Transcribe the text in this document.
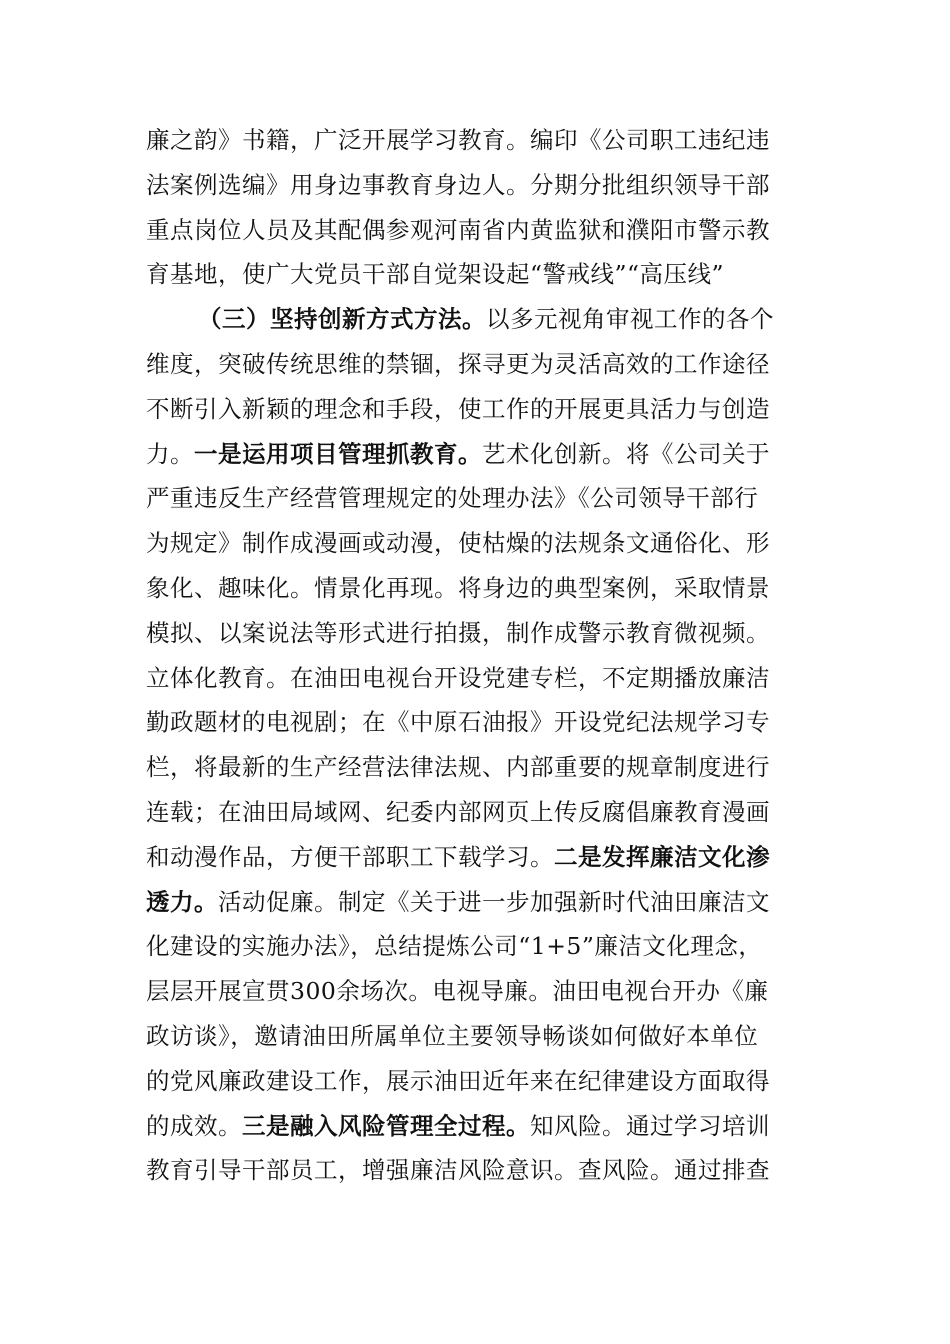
廉之韵》书籍，广泛开展学习教育。编印《公司职工违纪违
法案例选编》用身边事教育身边人。分期分批组织领导干部
重点岗位人员及其配偶参观河南省内黄监狱和濮阳市警示教
育基地，使广大党员干部自觉架设起“警戒线”“高压线”
（三）坚持创新方式方法。以多元视角审视工作的各个
维度，突破传统思维的禁锢，探寻更为灵活高效的工作途径
不断引入新颖的理念和手段，使工作的开展更具活力与创造
力。一是运用项目管理抓教育。艺术化创新。将《公司关于
严重违反生产经营管理规定的处理办法》《公司领导干部行
为规定》制作成漫画或动漫，使枯燥的法规条文通俗化、形
象化、趣味化。情景化再现。将身边的典型案例，采取情景
模拟、以案说法等形式进行拍摄，制作成警示教育微视频。
立体化教育。在油田电视台开设党建专栏，不定期播放廉洁
勤政题材的电视剧；在《中原石油报》开设党纪法规学习专
栏，将最新的生产经营法律法规、内部重要的规章制度进行
连载；在油田局域网、纪委内部网页上传反腐倡廉教育漫画
和动漫作品，方便干部职工下载学习。二是发挥廉洁文化渗
透力。活动促廉。制定《关于进一步加强新时代油田廉洁文
化建设的实施办法》，总结提炼公司“1+5”廉洁文化理念，
层层开展宣贯300余场次。电视导廉。油田电视台开办《廉
政访谈》，邀请油田所属单位主要领导畅谈如何做好本单位
的党风廉政建设工作，展示油田近年来在纪律建设方面取得
的成效。三是融入风险管理全过程。知风险。通过学习培训
教育引导干部员工，增强廉洁风险意识。查风险。通过排查
